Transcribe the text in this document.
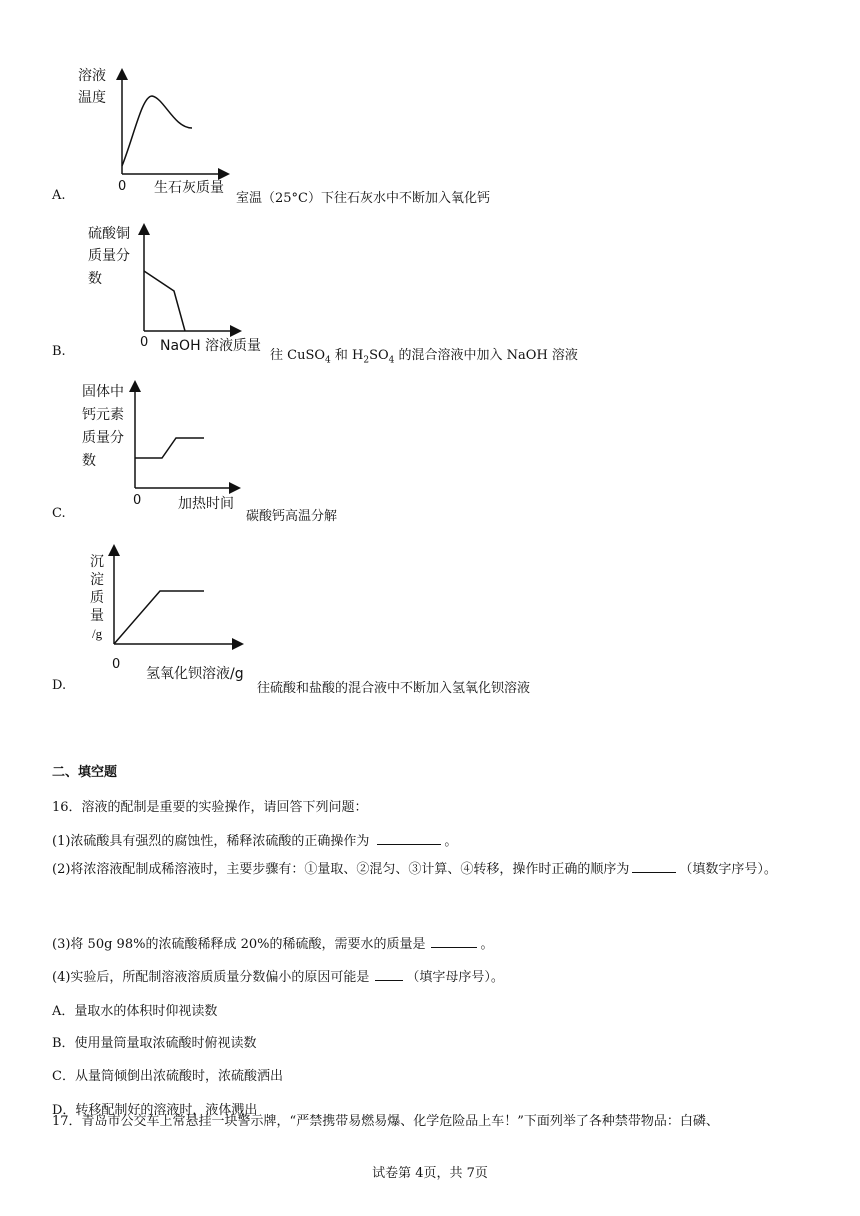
A.
溶液
温度
0 生石灰质量
室温（25°C）下往石灰水中不断加入氧化钙
B.
硫酸铜
质量分
数
0 NaOH 溶液质量
往 CuSO$_4$ 和 $H_2SO_4$ 的混合溶液中加入 NaOH 溶液
C.
固体中
钙元素
质量分
数
0	加热时间
碳酸钙高温分解
D.
沉
淀
质
量
/g
0
氢氧化钡溶液/g
往硫酸和盐酸的混合液中不断加入氢氧化钡溶液
二、填空题
16．溶液的配制是重要的实验操作，请回答下列问题：
(1)浓硫酸具有强烈的腐蚀性，稀释浓硫酸的正确操作为	。
(2)将浓溶液配制成稀溶液时，主要步骤有：①量取、②混匀、③计算、④转移，操作时正确的顺序为	（填数字序号）。
(3)将 50g 98%的浓硫酸稀释成 20%的稀硫酸，需要水的质量是	。
(4)实验后，所配制溶液溶质质量分数偏小的原因可能是	（填字母序号）。
A．量取水的体积时仰视读数
B．使用量筒量取浓硫酸时俯视读数
C．从量筒倾倒出浓硫酸时，浓硫酸洒出
D．转移配制好的溶液时，液体溅出
17．青岛市公交车上常悬挂一块警示牌，“严禁携带易燃易爆、化学危险品上车！”下面列举了各种禁带物品：白磷、
试卷第 4页，共 7页
